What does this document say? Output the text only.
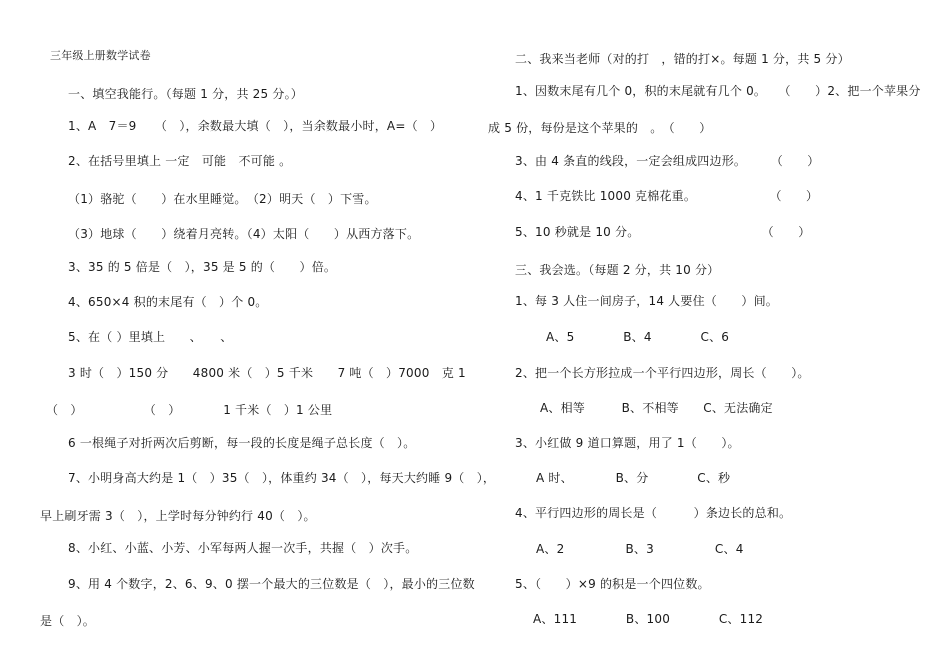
三年级上册数学试卷
一、填空我能行。（每题 1 分，共 25 分。）
1、A　7＝9　　（　），余数最大填（　），当余数最小时，A=（　）
2、在括号里填上 一定　可能　不可能 。
（1）骆驼（　　）在水里睡觉。　（2）明天（　）下雪。
（3）地球（　　）绕着月亮转。（4）太阳（　　）从西方落下。
3、35 的 5 倍是（　），35 是 5 的（　　）倍。
4、650×4 积的末尾有（　）个 0。
5、在（ ）里填上　　、　　、
3 时（　）150 分　　4800 米（　）5 千米　　7 吨（　）7000　克 1
（　）　　　　　　（　）　　　　1 千米（　）1 公里
6 一根绳子对折两次后剪断，每一段的长度是绳子总长度（　）。
7、小明身高大约是 1（　）35（　），体重约 34（　），每天大约睡 9（　），
早上刷牙需 3（　），上学时每分钟约行 40（　）。
8、小红、小蓝、小芳、小军每两人握一次手，共握（　）次手。
9、用 4 个数字，2、6、9、0 摆一个最大的三位数是（　），最小的三位数
是（　）。
二、我来当老师（对的打　，错的打×。每题 1 分，共 5 分）
1、因数末尾有几个 0，积的末尾就有几个 0。　　（　　）2、把一个苹果分
成 5 份，每份是这个苹果的　。　（　　）
3、由 4 条直的线段，一定会组成四边形。　　　（　　）
4、1 千克铁比 1000 克棉花重。　　　　　　　（　　）
5、10 秒就是 10 分。　　　　　　　　　　　（　　）
三、我会选。（每题 2 分，共 10 分）
1、每 3 人住一间房子，14 人要住（　　）间。
A、5　　　　B、4　　　　C、6
2、把一个长方形拉成一个平行四边形，周长（　　）。
A、相等　　　B、不相等　　C、无法确定
3、小红做 9 道口算题，用了 1（　　）。
A 时、　　　　B、分　　　　C、秒
4、平行四边形的周长是（　　　）条边长的总和。
A、2　　　　　B、3　　　　　C、4
5、（　　）×9 的积是一个四位数。
A、111　　　　B、100　　　　C、112
